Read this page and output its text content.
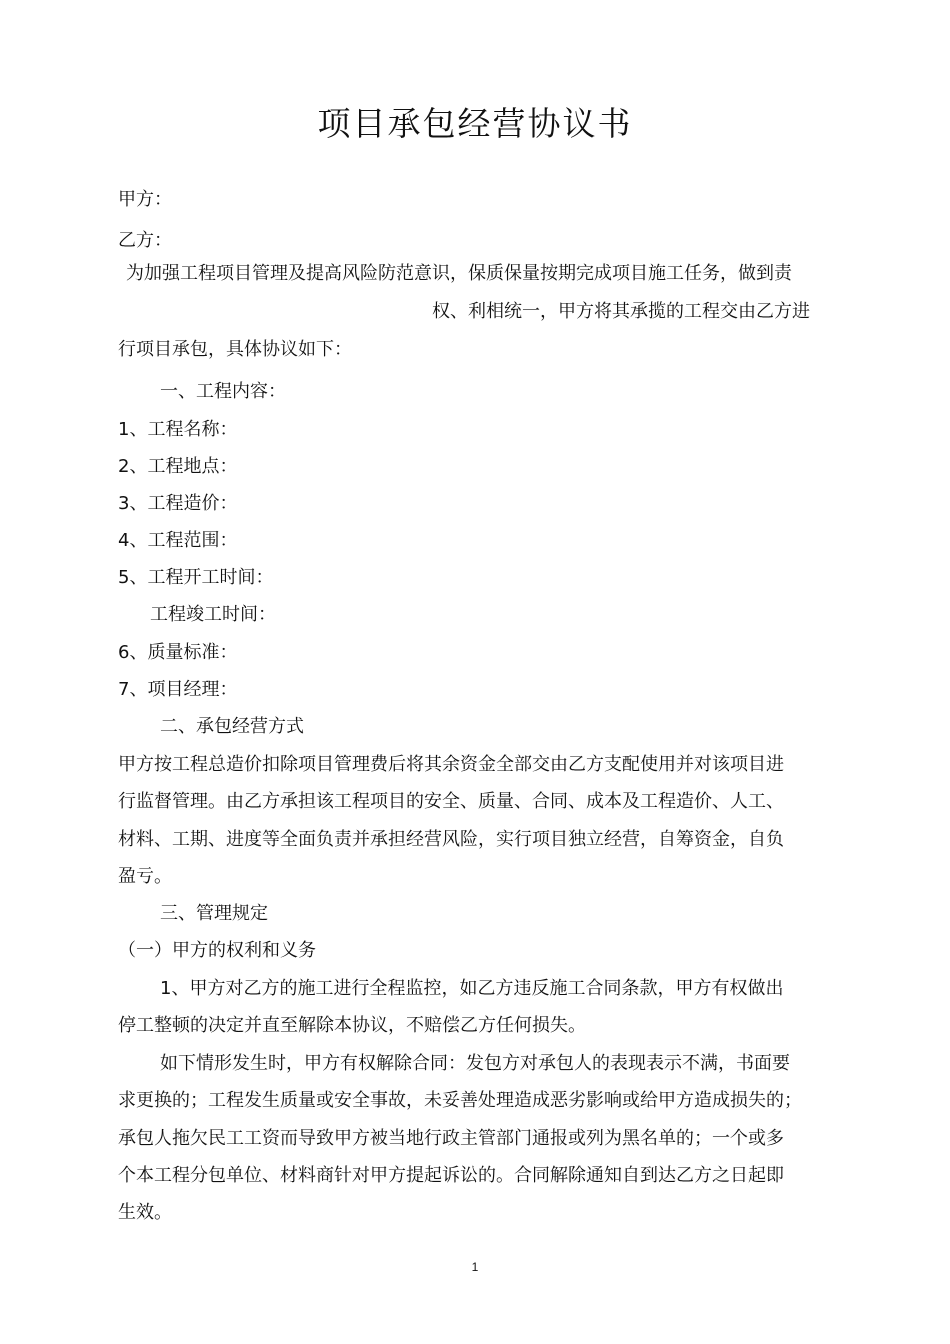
项目承包经营协议书
甲方：
乙方：
为加强工程项目管理及提高风险防范意识，保质保量按期完成项目施工任务，做到责
权、利相统一，甲方将其承揽的工程交由乙方进
行项目承包，具体协议如下：
一、工程内容：
1、工程名称：
2、工程地点：
3、工程造价：
4、工程范围：
5、工程开工时间：
工程竣工时间：
6、质量标准：
7、项目经理：
二、承包经营方式
甲方按工程总造价扣除项目管理费后将其余资金全部交由乙方支配使用并对该项目进
行监督管理。由乙方承担该工程项目的安全、质量、合同、成本及工程造价、人工、
材料、工期、进度等全面负责并承担经营风险，实行项目独立经营，自筹资金，自负
盈亏。
三、管理规定
（一）甲方的权利和义务
1、甲方对乙方的施工进行全程监控，如乙方违反施工合同条款，甲方有权做出
停工整顿的决定并直至解除本协议，不赔偿乙方任何损失。
如下情形发生时，甲方有权解除合同：发包方对承包人的表现表示不满，书面要
求更换的；工程发生质量或安全事故，未妥善处理造成恶劣影响或给甲方造成损失的；
承包人拖欠民工工资而导致甲方被当地行政主管部门通报或列为黑名单的；一个或多
个本工程分包单位、材料商针对甲方提起诉讼的。合同解除通知自到达乙方之日起即
生效。
1
